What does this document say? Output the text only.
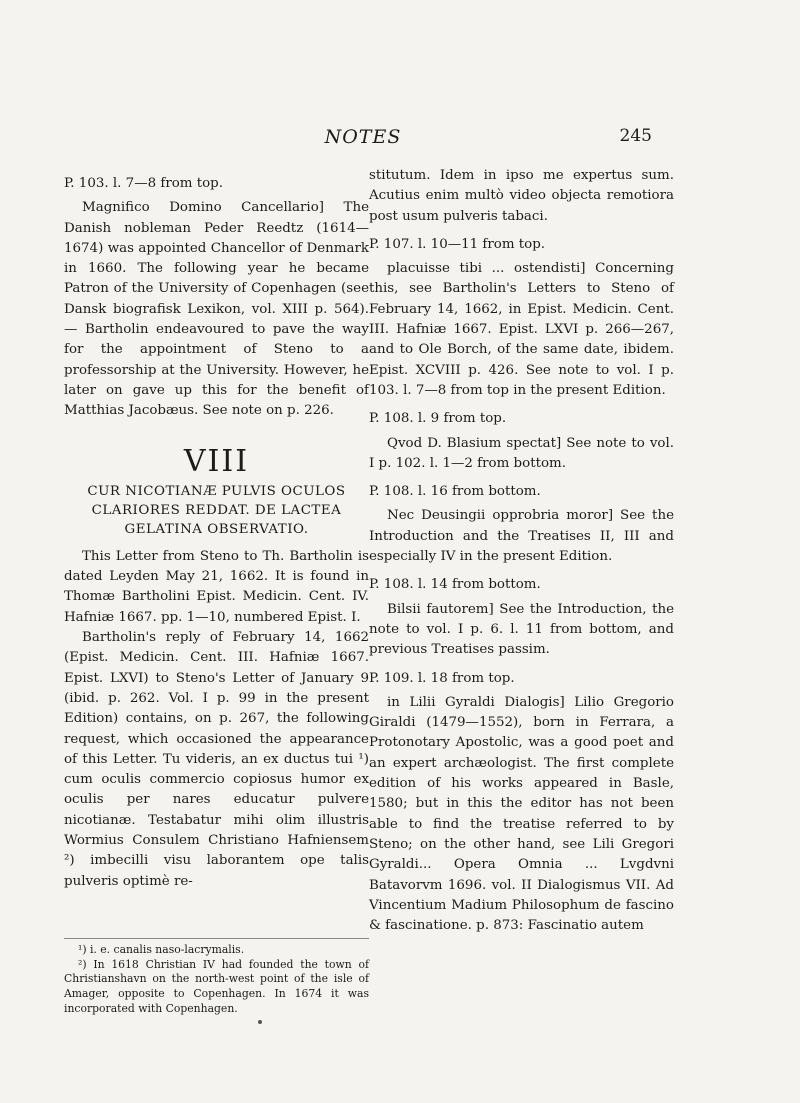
NOTES	245

P. 103. l. 7—8 from top.

Magnifico Domino Cancellario] The Danish nobleman Peder Reedtz (1614—1674) was appointed Chancellor of Denmark in 1660. The following year he became Patron of the University of Copenhagen (see Dansk biografisk Lexikon, vol. XIII p. 564). — Bartholin endeavoured to pave the way for the appointment of Steno to a professorship at the University. However, he later on gave up this for the benefit of Matthias Jacobæus. See note on p. 226.

VIII
CUR NICOTIANÆ PULVIS OCULOS CLARIORES REDDAT. DE LACTEA GELATINA OBSERVATIO.

This Letter from Steno to Th. Bartholin is dated Leyden May 21, 1662. It is found in Thomæ Bartholini Epist. Medicin. Cent. IV. Hafniæ 1667. pp. 1—10, numbered Epist. I.

Bartholin's reply of February 14, 1662 (Epist. Medicin. Cent. III. Hafniæ 1667. Epist. LXVI) to Steno's Letter of January 9 (ibid. p. 262. Vol. I p. 99 in the present Edition) contains, on p. 267, the following request, which occasioned the appearance of this Letter. Tu videris, an ex ductus tui ¹) cum oculis commercio copiosus humor ex oculis per nares educatur pulvere nicotianæ. Testabatur mihi olim illustris Wormius Consulem Christiano Hafniensem ²) imbecilli visu laborantem ope talis pulveris optimè re-

¹) i. e. canalis naso-lacrymalis.

²) In 1618 Christian IV had founded the town of Christianshavn on the north-west point of the isle of Amager, opposite to Copenhagen. In 1674 it was incorporated with Copenhagen.

stitutum. Idem in ipso me expertus sum. Acutius enim multò video objecta remotiora post usum pulveris tabaci.

P. 107. l. 10—11 from top.

placuisse tibi ... ostendisti] Concerning this, see Bartholin's Letters to Steno of February 14, 1662, in Epist. Medicin. Cent. III. Hafniæ 1667. Epist. LXVI p. 266—267, and to Ole Borch, of the same date, ibidem. Epist. XCVIII p. 426. See note to vol. I p. 103. l. 7—8 from top in the present Edition.

P. 108. l. 9 from top.

Qvod D. Blasium spectat] See note to vol. I p. 102. l. 1—2 from bottom.

P. 108. l. 16 from bottom.

Nec Deusingii opprobria moror] See the Introduction and the Treatises II, III and especially IV in the present Edition.

P. 108. l. 14 from bottom.

Bilsii fautorem] See the Introduction, the note to vol. I p. 6. l. 11 from bottom, and previous Treatises passim.

P. 109. l. 18 from top.

in Lilii Gyraldi Dialogis] Lilio Gregorio Giraldi (1479—1552), born in Ferrara, a Protonotary Apostolic, was a good poet and an expert archæologist. The first complete edition of his works appeared in Basle, 1580; but in this the editor has not been able to find the treatise referred to by Steno; on the other hand, see Lili Gregori Gyraldi... Opera Omnia ... Lvgdvni Batavorvm 1696. vol. II Dialogismus VII. Ad Vincentium Madium Philosophum de fascino & fascinatione. p. 873: Fascinatio autem
